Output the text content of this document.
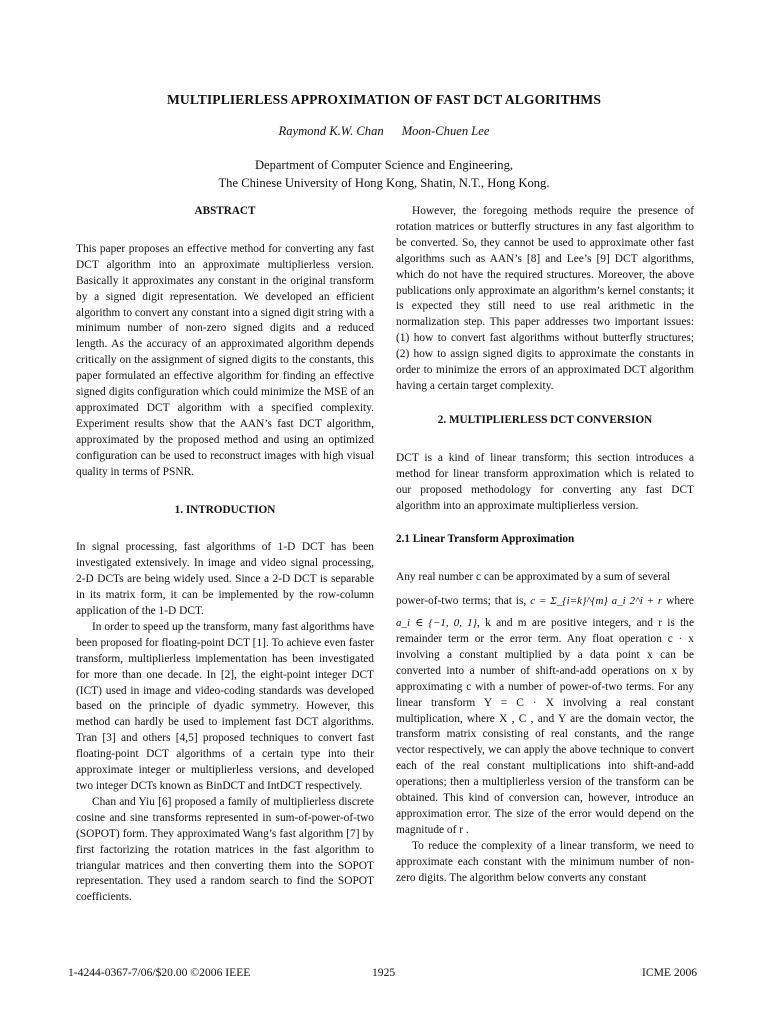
MULTIPLIERLESS APPROXIMATION OF FAST DCT ALGORITHMS
Raymond K.W. Chan Moon-Chuen Lee
Department of Computer Science and Engineering,
The Chinese University of Hong Kong, Shatin, N.T., Hong Kong.
ABSTRACT

This paper proposes an effective method for converting any fast DCT algorithm into an approximate multiplierless version. Basically it approximates any constant in the original transform by a signed digit representation. We developed an efficient algorithm to convert any constant into a signed digit string with a minimum number of non-zero signed digits and a reduced length. As the accuracy of an approximated algorithm depends critically on the assignment of signed digits to the constants, this paper formulated an effective algorithm for finding an effective signed digits configuration which could minimize the MSE of an approximated DCT algorithm with a specified complexity. Experiment results show that the AAN’s fast DCT algorithm, approximated by the proposed method and using an optimized configuration can be used to reconstruct images with high visual quality in terms of PSNR.

1. INTRODUCTION

In signal processing, fast algorithms of 1-D DCT has been investigated extensively. In image and video signal processing, 2-D DCTs are being widely used. Since a 2-D DCT is separable in its matrix form, it can be implemented by the row-column application of the 1-D DCT.

In order to speed up the transform, many fast algorithms have been proposed for floating-point DCT [1]. To achieve even faster transform, multiplierless implementation has been investigated for more than one decade. In [2], the eight-point integer DCT (ICT) used in image and video-coding standards was developed based on the principle of dyadic symmetry. However, this method can hardly be used to implement fast DCT algorithms. Tran [3] and others [4,5] proposed techniques to convert fast floating-point DCT algorithms of a certain type into their approximate integer or multiplierless versions, and developed two integer DCTs known as BinDCT and IntDCT respectively.

Chan and Yiu [6] proposed a family of multiplierless discrete cosine and sine transforms represented in sum-of-power-of-two (SOPOT) form. They approximated Wang’s fast algorithm [7] by first factorizing the rotation matrices in the fast algorithm to triangular matrices and then converting them into the SOPOT representation. They used a random search to find the SOPOT coefficients.

However, the foregoing methods require the presence of rotation matrices or butterfly structures in any fast algorithm to be converted. So, they cannot be used to approximate other fast algorithms such as AAN’s [8] and Lee’s [9] DCT algorithms, which do not have the required structures. Moreover, the above publications only approximate an algorithm’s kernel constants; it is expected they still need to use real arithmetic in the normalization step. This paper addresses two important issues: (1) how to convert fast algorithms without butterfly structures; (2) how to assign signed digits to approximate the constants in order to minimize the errors of an approximated DCT algorithm having a certain target complexity.

2. MULTIPLIERLESS DCT CONVERSION

DCT is a kind of linear transform; this section introduces a method for linear transform approximation which is related to our proposed methodology for converting any fast DCT algorithm into an approximate multiplierless version.

2.1 Linear Transform Approximation

Any real number c can be approximated by a sum of several

power-of-two terms; that is, c = Σ_{i=k}^{m} a_i 2^i + r where

a_i ∈ {−1, 0, 1}, k and m are positive integers, and r is the remainder term or the error term. Any float operation c · x involving a constant multiplied by a data point x can be converted into a number of shift-and-add operations on x by approximating c with a number of power-of-two terms. For any linear transform Y = C · X involving a real constant multiplication, where X , C , and Y are the domain vector, the transform matrix consisting of real constants, and the range vector respectively, we can apply the above technique to convert each of the real constant multiplications into shift-and-add operations; then a multiplierless version of the transform can be obtained. This kind of conversion can, however, introduce an approximation error. The size of the error would depend on the magnitude of r .

To reduce the complexity of a linear transform, we need to approximate each constant with the minimum number of non-zero digits. The algorithm below converts any constant

1-4244-0367-7/06/$20.00 ©2006 IEEE	1925	ICME 2006
